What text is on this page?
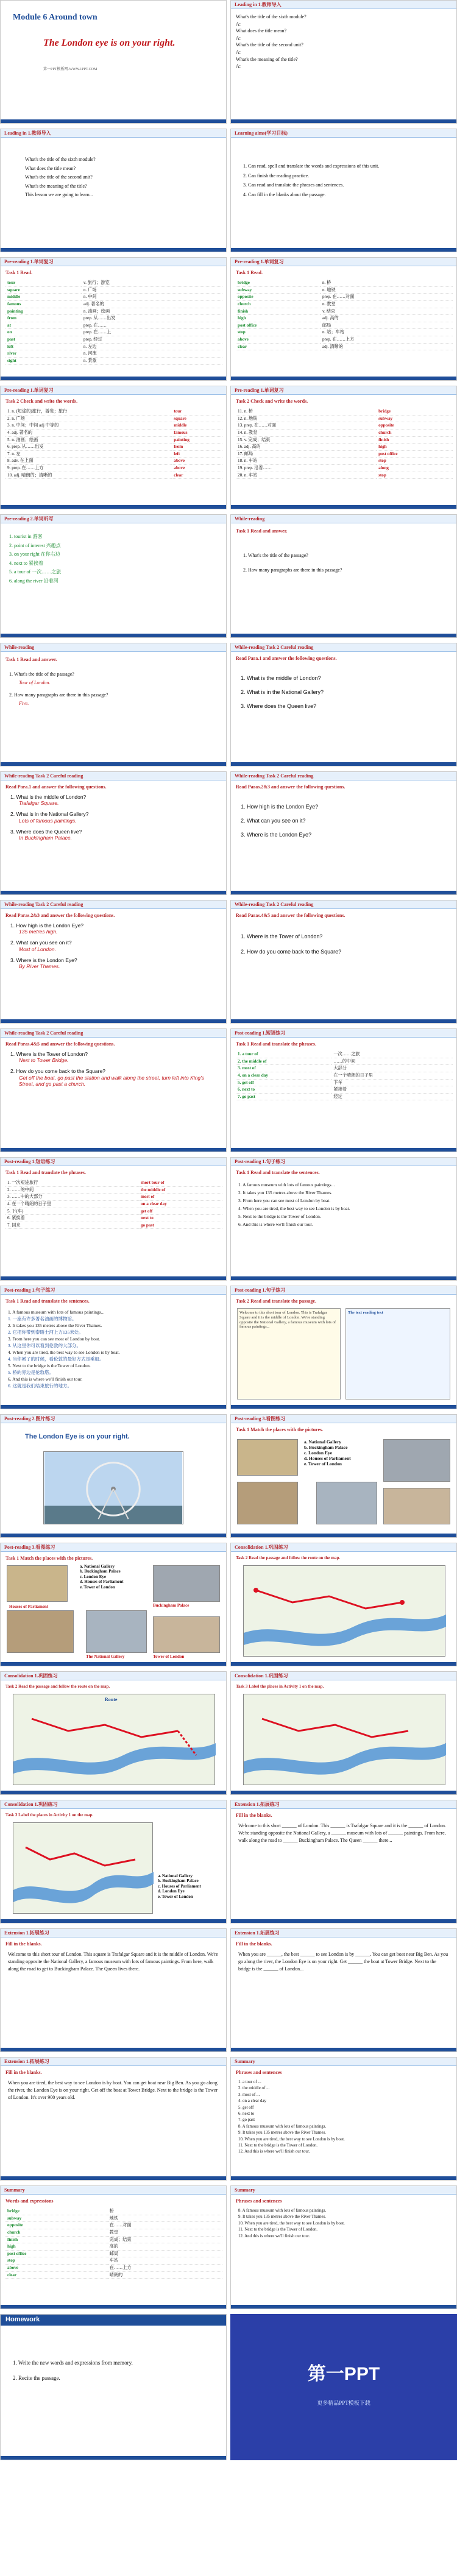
Module 6 Around town
The London eye is on your right.
第一PPT模板网-WWW.1PPT.COM
Leading in 1.教师导入
What's the title of the sixth module?
A:
What does the title mean?
A:
What's the title of the second unit?
A:
What's the meaning of the title?
A:
Leading in 1.教师导入
What's the title of the sixth module?
What does the title mean?
What's the title of the second unit?
What's the meaning of the title?
This lesson we are going to learn...
Learning aims(学习目标)
1. Can read, spell and translate the words and expressions of this unit.
2. Can finish the reading practice.
3. Can read and translate the phrases and sentences.
4. Can fill in the blanks about the passage.
Pre-reading 1.单词复习
Task 1 Read.
tour	v. 旅行；游览
square	n. 广场
middle	n. 中间
famous	adj. 著名的
painting	n. 油画；绘画
from	prep. 从……出发
at	prep. 在……
on	prep. 在……上
past	prep. 经过
left	n. 左边
river	n. 河流
sight	n. 景象
Pre-reading 1.单词复习
Task 1 Read.
bridge	n. 桥
subway	n. 地铁
opposite	prep. 在……对面
church	n. 教堂
finish	v. 结束
high	adj. 高的
post office	邮局
stop	n. 站；车站
above	prep. 在……上方
clear	adj. 清晰的
Pre-reading 1.单词复习
Task 2 Check and write the words.
1. n. (短途的)旅行，游览；旅行	tour
2. n. 广场	square
3. n. 中间；中间 adj 中等的	middle
4. adj. 著名的	famous
5. n. 油画；绘画	painting
6. prep. 从……出发	from
7. n. 左	left
8. adv. 在上面	above
9. prep. 在……上方	above
10. adj. 晴朗的；清晰的	clear
Pre-reading 1.单词复习
Task 2 Check and write the words.
11. n. 桥	bridge
12. n. 地铁	subway
13. prep. 在……对面	opposite
14. n. 教堂	church
15. v. 完成；结束	finish
16. adj. 高的	high
17. 邮局	post office
18. n. 车站	stop
19. prep. 沿着……	along
20. n. 车站	stop
Pre-reading 2.单词听写
1. tourist in 游客
2. point of interest 兴趣点
3. on your right 在你右边
4. next to 紧挨着
5. a tour of 一次……之旅
6. along the river 沿着河
While-reading
Task 1 Read and answer.
1. What's the title of the passage?
2. How many paragraphs are there in this passage?
While-reading
Task 1 Read and answer.
1. What's the title of the passage?
Tour of London.
2. How many paragraphs are there in this passage?
Five.
While-reading Task 2 Careful reading
Read Para.1 and answer the following questions.
1. What is the middle of London?
2. What is in the National Gallery?
3. Where does the Queen live?
While-reading Task 2 Careful reading
Read Para.1 and answer the following questions.
1. What is the middle of London?
Trafalgar Square.
2. What is in the National Gallery?
Lots of famous paintings.
3. Where does the Queen live?
In Buckingham Palace.
While-reading Task 2 Careful reading
Read Paras.2&3 and answer the following questions.
1. How high is the London Eye?
2. What can you see on it?
3. Where is the London Eye?
While-reading Task 2 Careful reading
Read Paras.2&3 and answer the following questions.
1. How high is the London Eye?
135 metres high.
2. What can you see on it?
Most of London.
3. Where is the London Eye?
By River Thames.
While-reading Task 2 Careful reading
Read Paras.4&5 and answer the following questions.
1. Where is the Tower of London?
2. How do you come back to the Square?
While-reading Task 2 Careful reading
Read Paras.4&5 and answer the following questions.
1. Where is the Tower of London?
Next to Tower Bridge.
2. How do you come back to the Square?
Get off the boat, go past the station and walk along the street, turn left into King's Street, and go past a church.
Post-reading 1.短语练习
Task 1 Read and translate the phrases.
1. a tour of	一次……之旅
2. the middle of	……的中间
3. most of	大部分
4. on a clear day	在一个晴朗的日子里
5. get off	下车
6. next to	紧挨着
7. go past	经过
Post-reading 1.短语练习
Task 1 Read and translate the phrases.
1. 一次短途旅行	short tour of
2. ……的中间	the middle of
3. ……中的大部分	most of
4. 在一个晴朗的日子里	on a clear day
5. 下(车)	get off
6. 紧挨着	next to
7. 回来	go past
Post-reading 1.句子练习
Task 1 Read and translate the sentences.
1. A famous museum with lots of famous paintings...
2. It takes you 135 metres above the River Thames.
3. From here you can see most of London by boat.
4. When you are tired, the best way to see London is by boat.
5. Next to the bridge is the Tower of London.
6. And this is where we'll finish our tour.
Post-reading 1.句子练习
Task 1 Read and translate the sentences.
1. A famous museum with lots of famous paintings...
1. 一座有许多著名油画的博物馆。
2. It takes you 135 metres above the River Thames.
2. 它把你带到泰晤士河上方135米处。
3. From here you can see most of London by boat.
3. 从这里你可以看到伦敦的大部分。
4. When you are tired, the best way to see London is by boat.
4. 当你累了的时候，看伦敦的最好方式是乘船。
5. Next to the bridge is the Tower of London.
5. 桥的旁边是伦敦塔。
6. And this is where we'll finish our tour.
6. 这就是我们结束旅行的地方。
Post-reading 1.句子练习
Task 2 Read and translate the passage.
Welcome to this short tour of London. This is Trafalgar Square and it is the middle of London. We're standing opposite the National Gallery, a famous museum with lots of famous paintings...
The text reading text
Post-reading 2.图片练习
The London Eye is on your right.
Post-reading 3.看图练习
Task 1 Match the places with the pictures.
a. National Gallery
b. Buckingham Palace
c. London Eye
d. Houses of Parliament
e. Tower of London
Post-reading 3.看图练习
Task 1 Match the places with the pictures.
a. National Gallery
b. Buckingham Palace
c. London Eye
d. Houses of Parliament
e. Tower of London
Houses of Parliament	Buckingham Palace
The National Gallery	Tower of London
Consolidation 1.巩固练习
Task 2 Read the passage and follow the route on the map.
Consolidation 1.巩固练习
Task 2 Read the passage and follow the route on the map.
Route
Consolidation 1.巩固练习
Task 3 Label the places in Activity 1 on the map.
Consolidation 1.巩固练习
Task 3 Label the places in Activity 1 on the map.
a. National Gallery
b. Buckingham Palace
c. Houses of Parliament
d. London Eye
e. Tower of London
Extension 1.拓展练习
Fill in the blanks.
Welcome to this short ______ of London. This ______ is Trafalgar Square and it is the ______ of London. We're standing opposite the National Gallery, a ______ museum with lots of ______ paintings. From here, walk along the road to ______ Buckingham Palace. The Queen ______ there...
Extension 1.拓展练习
Fill in the blanks.
Welcome to this short tour of London. This square is Trafalgar Square and it is the middle of London. We're standing opposite the National Gallery, a famous museum with lots of famous paintings. From here, walk along the road to get to Buckingham Palace. The Queen lives there.
Extension 1.拓展练习
Fill in the blanks.
When you are ______, the best ______ to see London is by ______. You can get boat near Big Ben. As you go along the river, the London Eye is on your right. Get ______ the boat at Tower Bridge. Next to the bridge is the ______ of London...
Extension 1.拓展练习
Fill in the blanks.
When you are tired, the best way to see London is by boat. You can get boat near Big Ben. As you go along the river, the London Eye is on your right. Get off the boat at Tower Bridge. Next to the bridge is the Tower of London. It's over 900 years old.
Summary
Phrases and sentences
1. a tour of ...
2. the middle of ...
3. most of ...
4. on a clear day
5. get off
6. next to
7. go past
8. A famous museum with lots of famous paintings.
9. It takes you 135 metres above the River Thames.
10. When you are tired, the best way to see London is by boat.
11. Next to the bridge is the Tower of London.
12. And this is where we'll finish our tour.
Summary
Words and expressions
bridge	桥
subway	地铁
opposite	在……对面
church	教堂
finish	完成；结束
high	高的
post office	邮局
stop	车站
above	在……上方
clear	晴朗的
Summary
Phrases and sentences
8. A famous museum with lots of famous paintings.
9. It takes you 135 metres above the River Thames.
10. When you are tired, the best way to see London is by boat.
11. Next to the bridge is the Tower of London.
12. And this is where we'll finish our tour.
Homework
1. Write the new words and expressions from memory.
2. Recite the passage.	第一PPT
更多精品PPT模板下载
